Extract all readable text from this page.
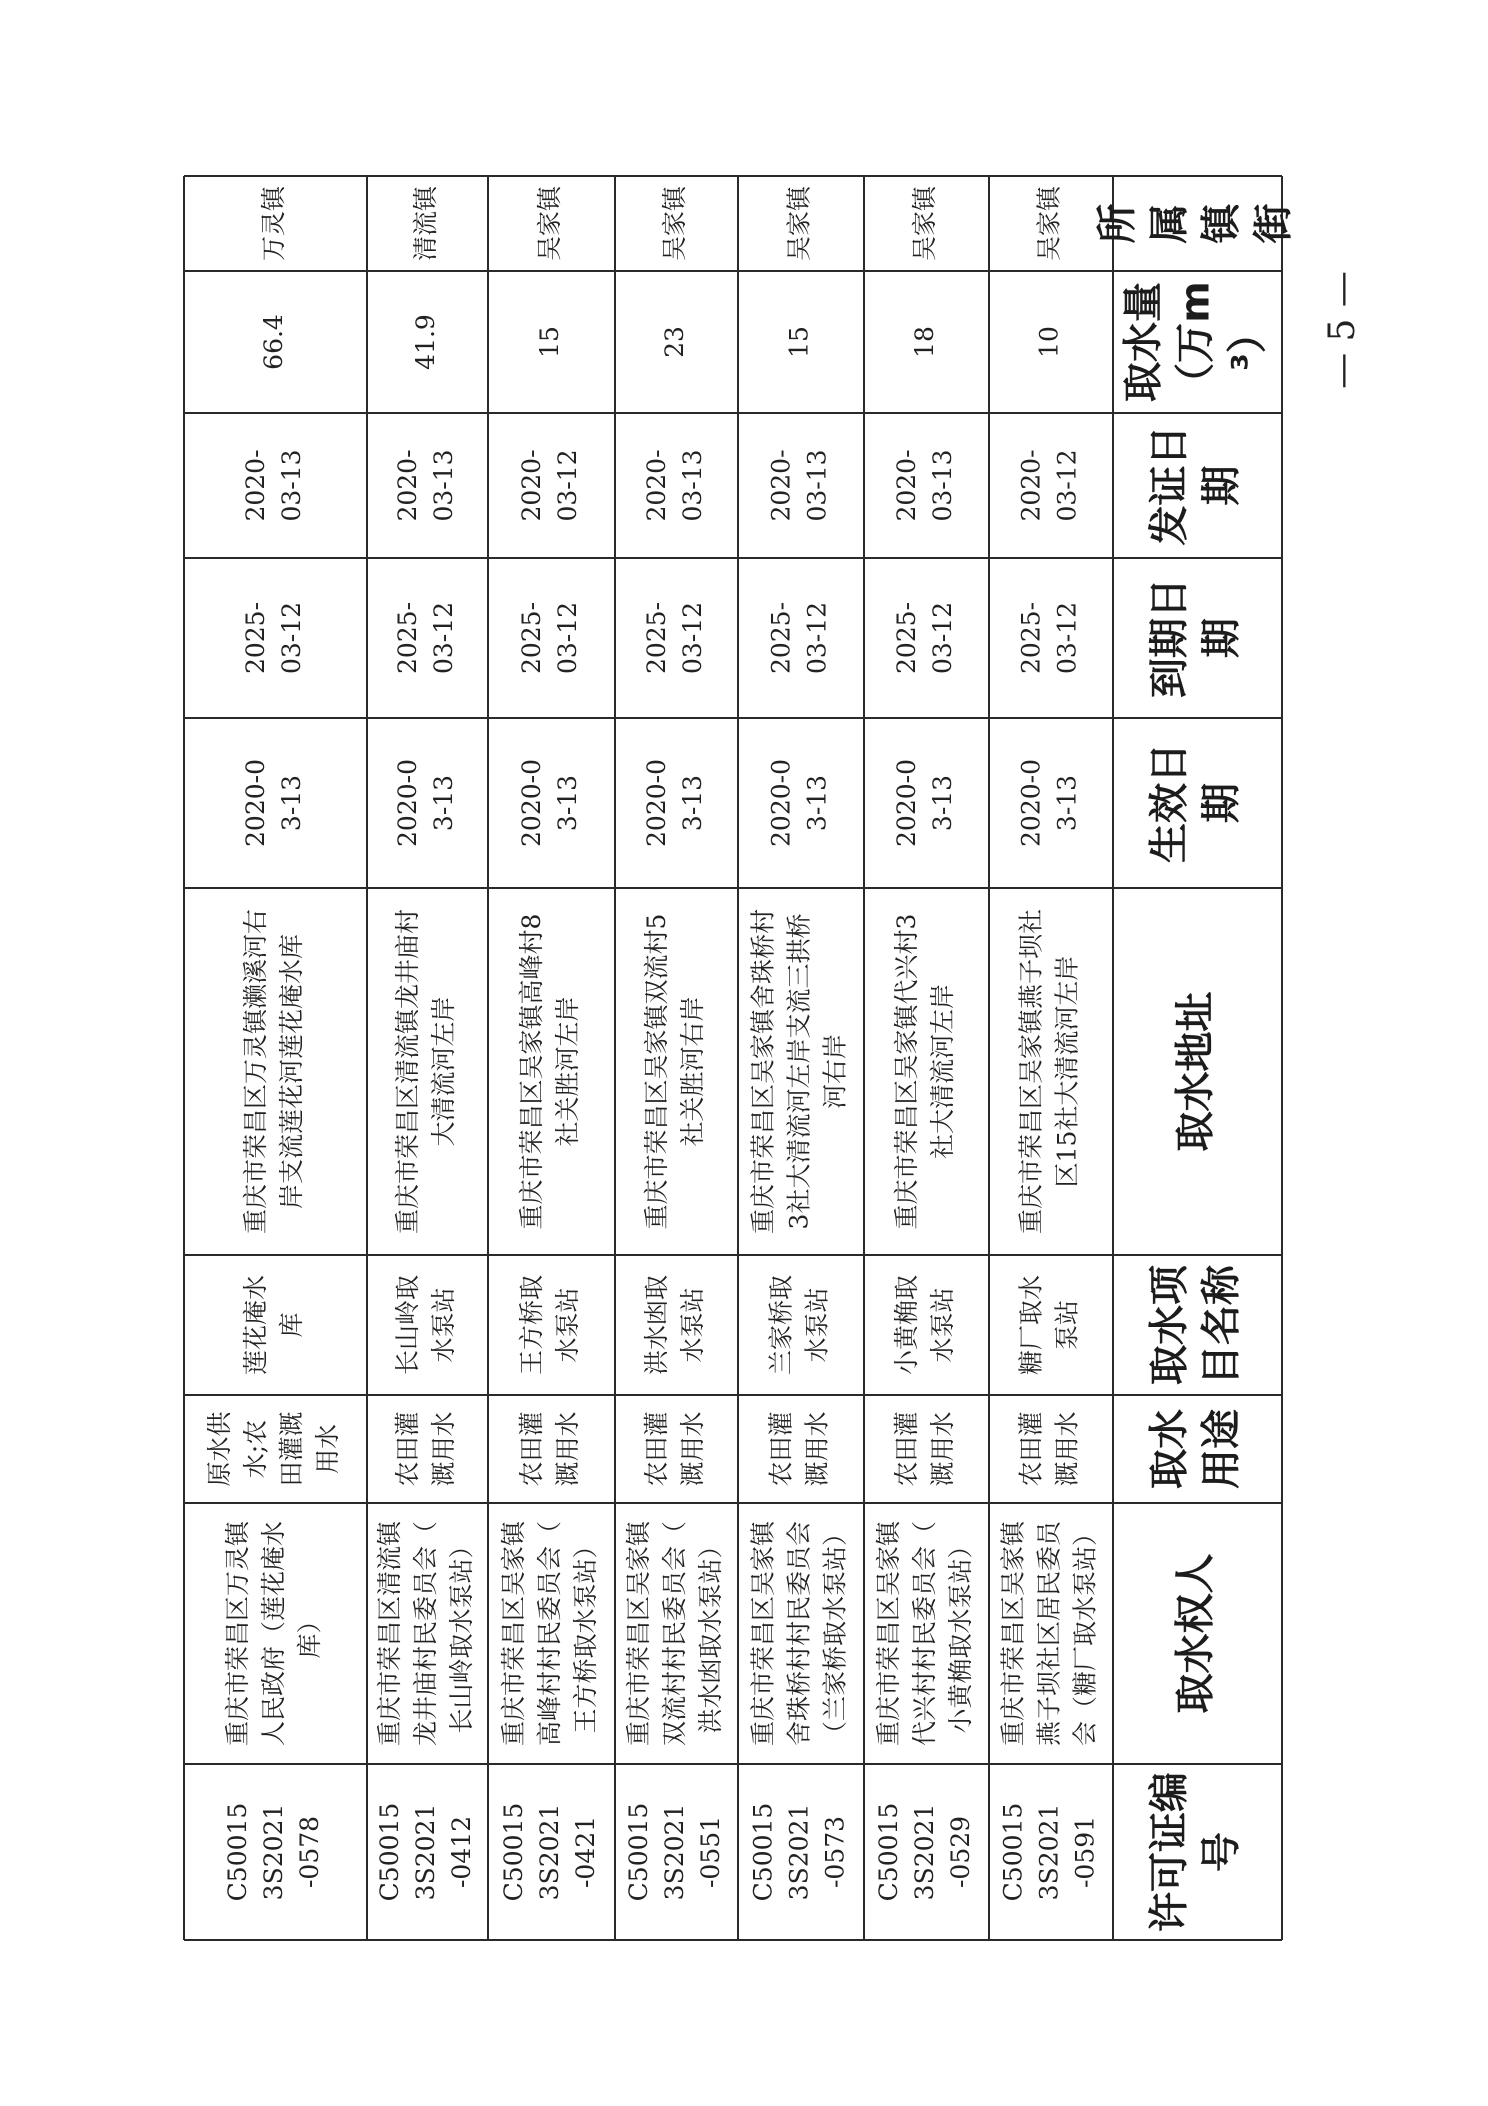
许可证编 号
取水权人
取水 用途
取水项 目名称
取水地址
生效日 期
到期日 期
发证日 期
取水量 （万m ³）
所 属 镇 街
C50015 3S2021 -0591
重庆市荣昌区吴家镇 燕子坝社区居民委员 会（糖厂取水泵站）
农田灌 溉用水
糖厂取水 泵站
重庆市荣昌区吴家镇燕子坝社 区15社大清流河左岸
2020-0 3-13
2025- 03-12
2020- 03-12
10
吴家镇
C50015 3S2021 -0529
重庆市荣昌区吴家镇 代兴村村民委员会（ 小黄桷取水泵站）
农田灌 溉用水
小黄桷取 水泵站
重庆市荣昌区吴家镇代兴村3 社大清流河左岸
2020-0 3-13
2025- 03-12
2020- 03-13
18
吴家镇
C50015 3S2021 -0573
重庆市荣昌区吴家镇 舍珠桥村村民委员会 （兰家桥取水泵站）
农田灌 溉用水
兰家桥取 水泵站
重庆市荣昌区吴家镇舍珠桥村 3社大清流河左岸支流三拱桥 河右岸
2020-0 3-13
2025- 03-12
2020- 03-13
15
吴家镇
C50015 3S2021 -0551
重庆市荣昌区吴家镇 双流村村民委员会（ 洪水凼取水泵站）
农田灌 溉用水
洪水凼取 水泵站
重庆市荣昌区吴家镇双流村5 社关胜河右岸
2020-0 3-13
2025- 03-12
2020- 03-13
23
吴家镇
C50015 3S2021 -0421
重庆市荣昌区吴家镇 高峰村村民委员会（ 王方桥取水泵站）
农田灌 溉用水
王方桥取 水泵站
重庆市荣昌区吴家镇高峰村8 社关胜河左岸
2020-0 3-13
2025- 03-12
2020- 03-12
15
吴家镇
C50015 3S2021 -0412
重庆市荣昌区清流镇 龙井庙村民委员会（ 长山岭取水泵站）
农田灌 溉用水
长山岭取 水泵站
重庆市荣昌区清流镇龙井庙村 大清流河左岸
2020-0 3-13
2025- 03-12
2020- 03-13
41.9
清流镇
C50015 3S2021 -0578
重庆市荣昌区万灵镇 人民政府（莲花庵水 库）
原水供 水;农 田灌溉 用水
莲花庵水 库
重庆市荣昌区万灵镇濑溪河右 岸支流莲花河莲花庵水库
2020-0 3-13
2025- 03-12
2020- 03-13
66.4
万灵镇
— 5 —
